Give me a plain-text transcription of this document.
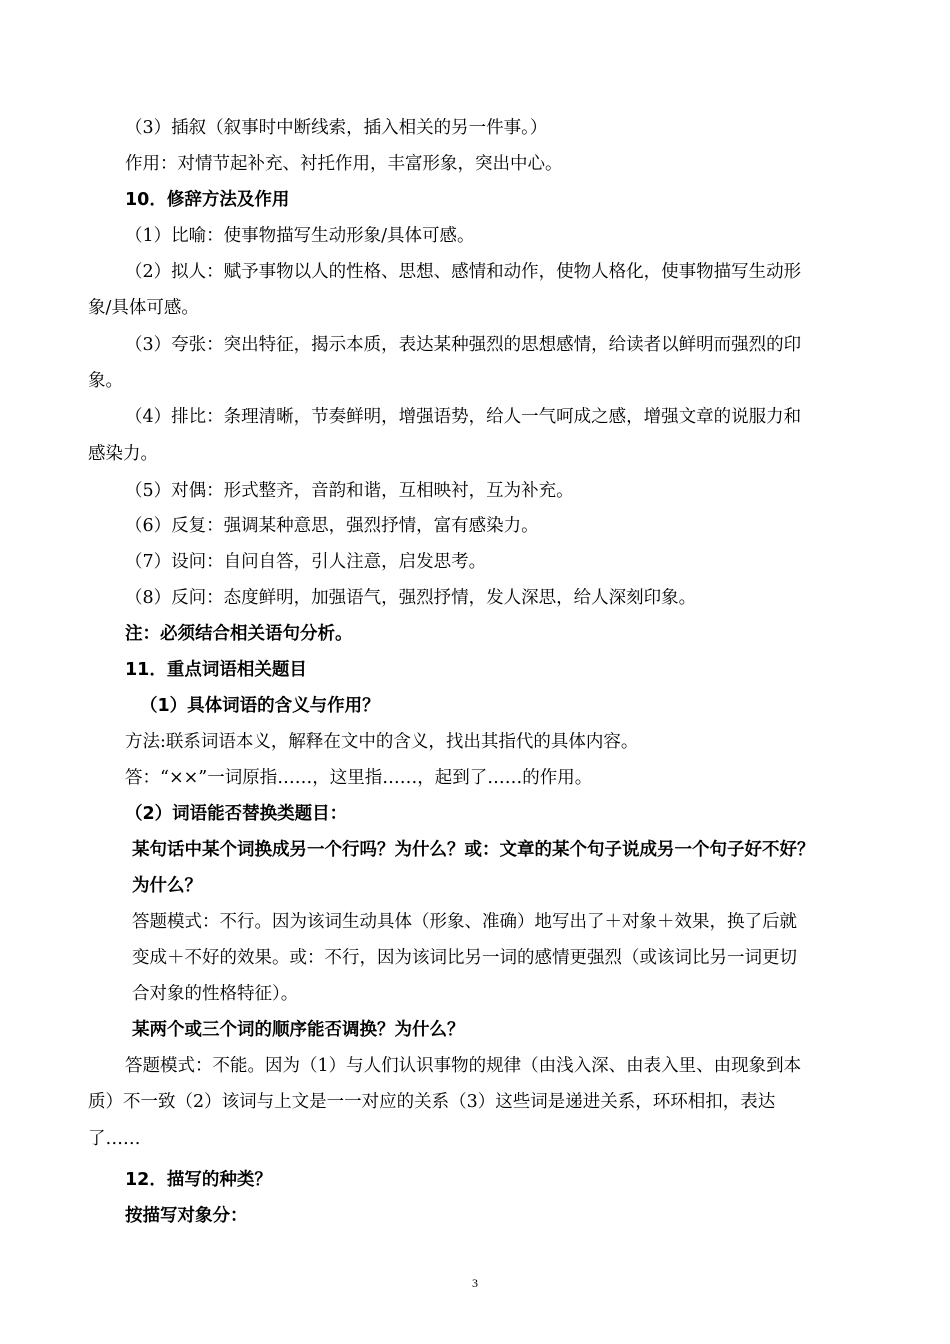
（3）插叙（叙事时中断线索，插入相关的另一件事。）
作用：对情节起补充、衬托作用，丰富形象，突出中心。
10．修辞方法及作用
（1）比喻：使事物描写生动形象/具体可感。
（2）拟人：赋予事物以人的性格、思想、感情和动作，使物人格化，使事物描写生动形
象/具体可感。
（3）夸张：突出特征，揭示本质，表达某种强烈的思想感情，给读者以鲜明而强烈的印
象。
（4）排比：条理清晰，节奏鲜明，增强语势，给人一气呵成之感，增强文章的说服力和
感染力。
（5）对偶：形式整齐，音韵和谐，互相映衬，互为补充。
（6）反复：强调某种意思，强烈抒情，富有感染力。
（7）设问：自问自答，引人注意，启发思考。
（8）反问：态度鲜明，加强语气，强烈抒情，发人深思，给人深刻印象。
注：必须结合相关语句分析。
11．重点词语相关题目
（1）具体词语的含义与作用？
方法:联系词语本义，解释在文中的含义，找出其指代的具体内容。
答：“××”一词原指……，这里指……，起到了……的作用。
（2）词语能否替换类题目：
某句话中某个词换成另一个行吗？为什么？或：文章的某个句子说成另一个句子好不好？
为什么？
答题模式：不行。因为该词生动具体（形象、准确）地写出了＋对象＋效果，换了后就
变成＋不好的效果。或：不行，因为该词比另一词的感情更强烈（或该词比另一词更切
合对象的性格特征）。
某两个或三个词的顺序能否调换？为什么？
答题模式：不能。因为（1）与人们认识事物的规律（由浅入深、由表入里、由现象到本
质）不一致（2）该词与上文是一一对应的关系（3）这些词是递进关系，环环相扣，表达
了……
12．描写的种类？
按描写对象分：
3
